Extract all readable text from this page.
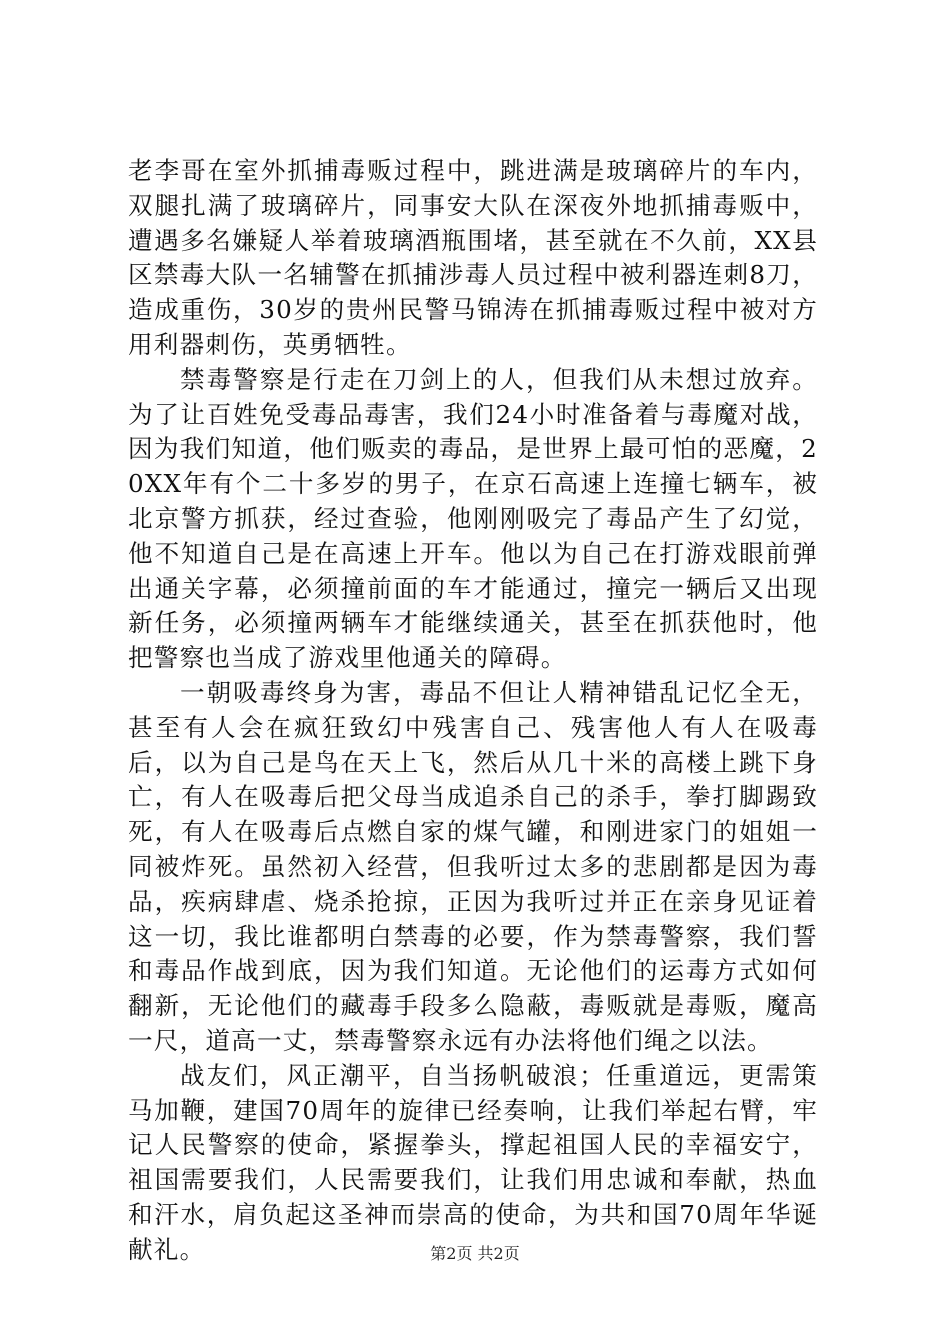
老李哥在室外抓捕毒贩过程中，跳进满是玻璃碎片的车内，双腿扎满了玻璃碎片，同事安大队在深夜外地抓捕毒贩中，遭遇多名嫌疑人举着玻璃酒瓶围堵，甚至就在不久前，XX县区禁毒大队一名辅警在抓捕涉毒人员过程中被利器连刺8刀，造成重伤，30岁的贵州民警马锦涛在抓捕毒贩过程中被对方用利器刺伤，英勇牺牲。

禁毒警察是行走在刀剑上的人，但我们从未想过放弃。为了让百姓免受毒品毒害，我们24小时准备着与毒魔对战，因为我们知道，他们贩卖的毒品，是世界上最可怕的恶魔，20XX年有个二十多岁的男子，在京石高速上连撞七辆车，被北京警方抓获，经过查验，他刚刚吸完了毒品产生了幻觉，他不知道自己是在高速上开车。他以为自己在打游戏眼前弹出通关字幕，必须撞前面的车才能通过，撞完一辆后又出现新任务，必须撞两辆车才能继续通关，甚至在抓获他时，他把警察也当成了游戏里他通关的障碍。

一朝吸毒终身为害，毒品不但让人精神错乱记忆全无，甚至有人会在疯狂致幻中残害自己、残害他人有人在吸毒后，以为自己是鸟在天上飞，然后从几十米的高楼上跳下身亡，有人在吸毒后把父母当成追杀自己的杀手，拳打脚踢致死，有人在吸毒后点燃自家的煤气罐，和刚进家门的姐姐一同被炸死。虽然初入经营，但我听过太多的悲剧都是因为毒品，疾病肆虐、烧杀抢掠，正因为我听过并正在亲身见证着这一切，我比谁都明白禁毒的必要，作为禁毒警察，我们誓和毒品作战到底，因为我们知道。无论他们的运毒方式如何翻新，无论他们的藏毒手段多么隐蔽，毒贩就是毒贩，魔高一尺，道高一丈，禁毒警察永远有办法将他们绳之以法。

战友们，风正潮平，自当扬帆破浪；任重道远，更需策马加鞭，建国70周年的旋律已经奏响，让我们举起右臂，牢记人民警察的使命，紧握拳头，撑起祖国人民的幸福安宁，祖国需要我们，人民需要我们，让我们用忠诚和奉献，热血和汗水，肩负起这圣神而崇高的使命，为共和国70周年华诞献礼。	第2页 共2页
